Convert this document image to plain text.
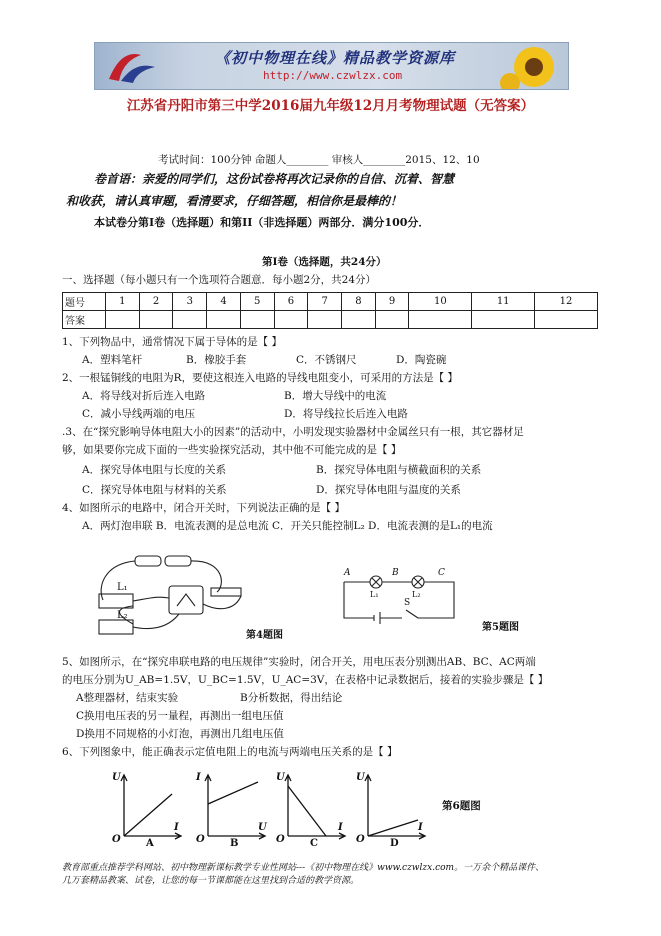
《初中物理在线》精品教学资源库
http://www.czwlzx.com
江苏省丹阳市第三中学2016届九年级12月月考物理试题（无答案）
考试时间：100分钟 命题人________ 审核人________2015、12、10
卷首语：亲爱的同学们，这份试卷将再次记录你的自信、沉着、智慧
和收获，请认真审题，看清要求，仔细答题，相信你是最棒的！
本试卷分第Ⅰ卷（选择题）和第II（非选择题）两部分．满分100分．
第Ⅰ卷（选择题，共24分）
一、选择题（每小题只有一个选项符合题意．每小题2分，共24分）
题号	1	2	3	4	5	6	7	8	9	10	11	12
答案												
1、下列物品中，通常情况下属于导体的是【 】
A．塑料笔杆	B．橡胶手套	C．不锈钢尺	D．陶瓷碗
2、一根锰铜线的电阻为R，要使这根连入电路的导线电阻变小，可采用的方法是【 】
A．将导线对折后连入电路	B．增大导线中的电流
C．减小导线两端的电压	D．将导线拉长后连入电路
.3、在“探究影响导体电阻大小的因素”的活动中，小明发现实验器材中金属丝只有一根，其它器材足
够，如果要你完成下面的一些实验探究活动，其中他不可能完成的是【 】
A．探究导体电阻与长度的关系	B．探究导体电阻与横截面积的关系
C．探究导体电阻与材料的关系	D．探究导体电阻与温度的关系
4、如图所示的电路中，闭合开关时，下列说法正确的是【 】
A．两灯泡串联 B．电流表测的是总电流 C．开关只能控制L₂ D．电流表测的是L₁的电流
L₁
L₂
第4题图
A	B	C
L₁	L₂
S
第5题图
5、如图所示，在“探究串联电路的电压规律”实验时，闭合开关，用电压表分别测出AB、BC、AC两端
的电压分别为U_AB=1.5V，U_BC=1.5V，U_AC=3V，在表格中记录数据后，接着的实验步骤是【 】
A整理器材，结束实验	B分析数据，得出结论
C换用电压表的另一量程，再测出一组电压值
D换用不同规格的小灯泡，再测出几组电压值
6、下列图象中，能正确表示定值电阻上的电流与两端电压关系的是【 】
U
O
I
A
I
O
U
B
U
O
I
C
U
O
I
D
第6题图
教育部重点推荐学科网站、初中物理新课标教学专业性网站---《初中物理在线》www.czwlzx.com。一万余个精品课件、
几万套精品教案、试卷，让您的每一节课都能在这里找到合适的教学资源。
